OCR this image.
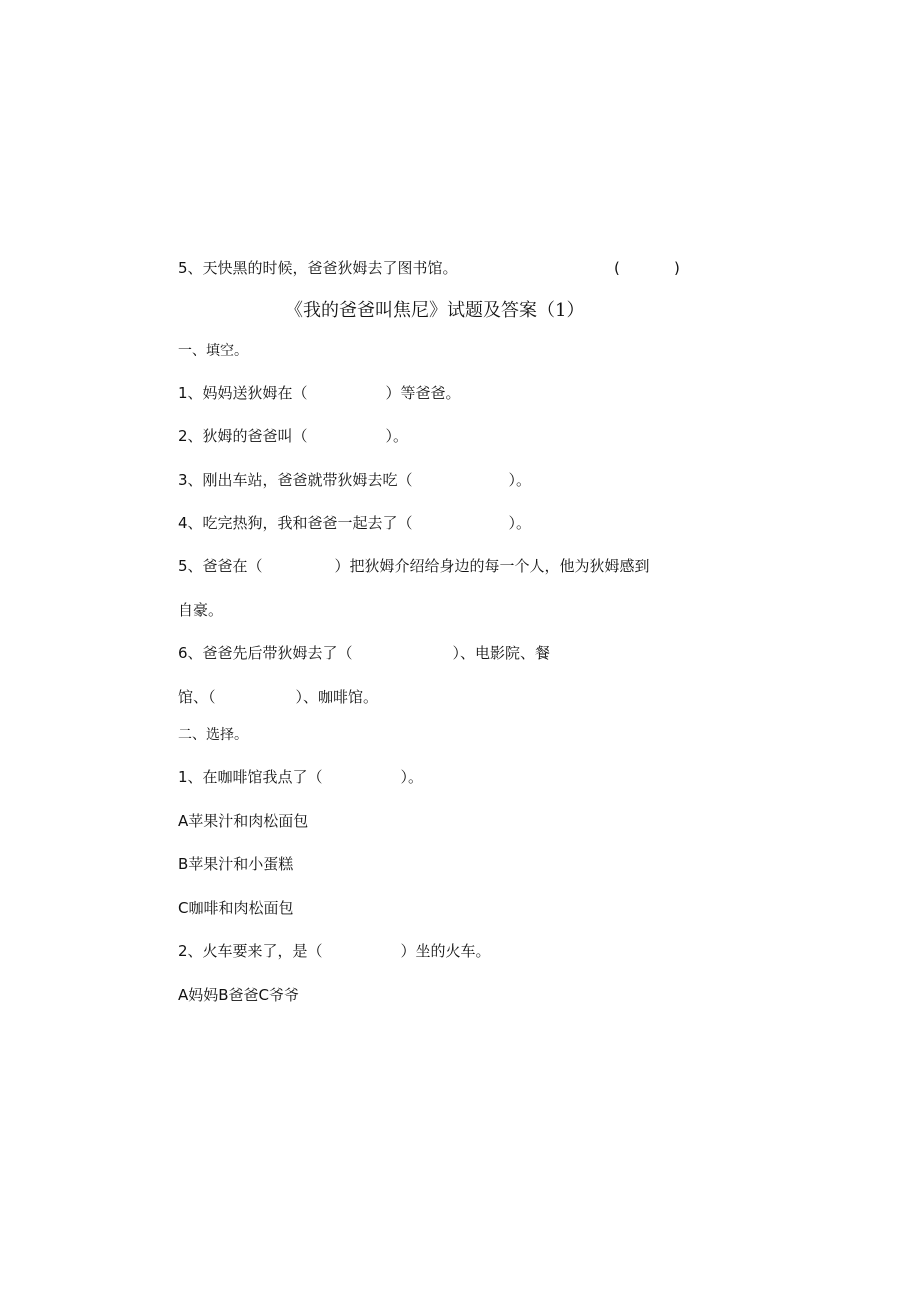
5、天快黑的时候，爸爸狄姆去了图书馆。	(	)
《我的爸爸叫焦尼》试题及答案（1）
一、填空。
1、妈妈送狄姆在（	）等爸爸。
2、狄姆的爸爸叫（	）。
3、刚出车站，爸爸就带狄姆去吃（	）。
4、吃完热狗，我和爸爸一起去了（	）。
5、爸爸在（	）把狄姆介绍给身边的每一个人，他为狄姆感到
自豪。
6、爸爸先后带狄姆去了（	）、电影院、餐
馆、（	）、咖啡馆。
二、选择。
1、在咖啡馆我点了（	）。
A苹果汁和肉松面包
B苹果汁和小蛋糕
C咖啡和肉松面包
2、火车要来了，是（	）坐的火车。
A妈妈B爸爸C爷爷
